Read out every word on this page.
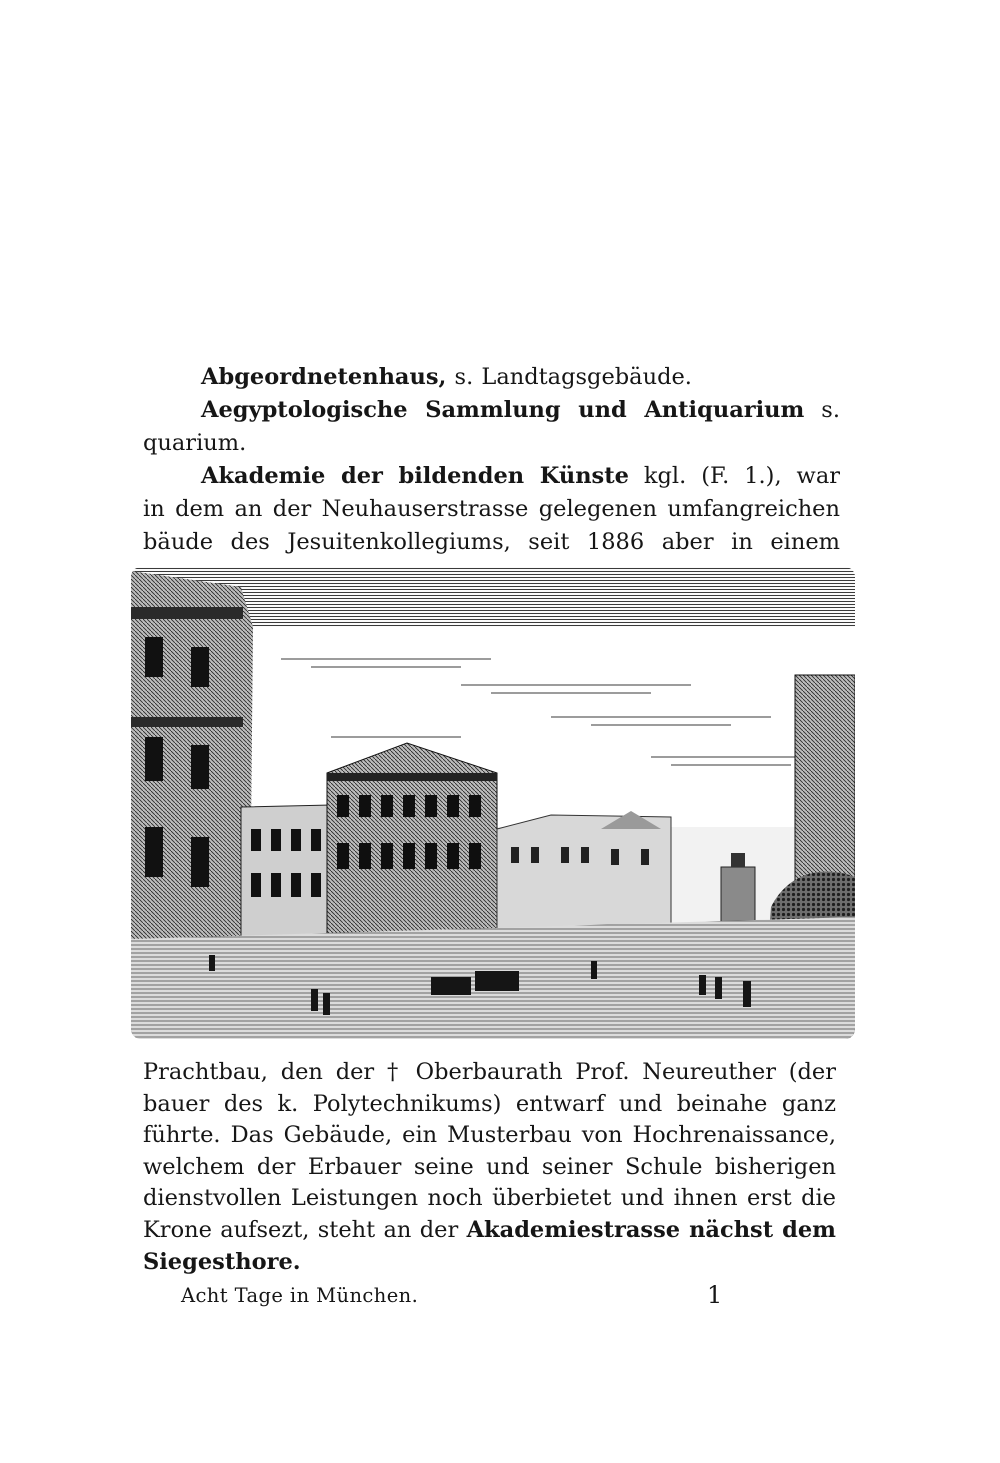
Abgeordnetenhaus, s. Landtagsgebäude.
Aegyptologische Sammlung und Antiquarium s.
quarium.
Akademie der bildenden Künste kgl. (F. 1.), war
in dem an der Neuhauserstrasse gelegenen umfangreichen
bäude des Jesuitenkollegiums, seit 1886 aber in einem
Prachtbau, den der † Oberbaurath Prof. Neureuther (der
bauer des k. Polytechnikums) entwarf und beinahe ganz
führte. Das Gebäude, ein Musterbau von Hochrenaissance,
welchem der Erbauer seine und seiner Schule bisherigen
dienstvollen Leistungen noch überbietet und ihnen erst die
Krone aufsezt, steht an der Akademiestrasse nächst dem
Siegesthore.
Acht Tage in München.	1
